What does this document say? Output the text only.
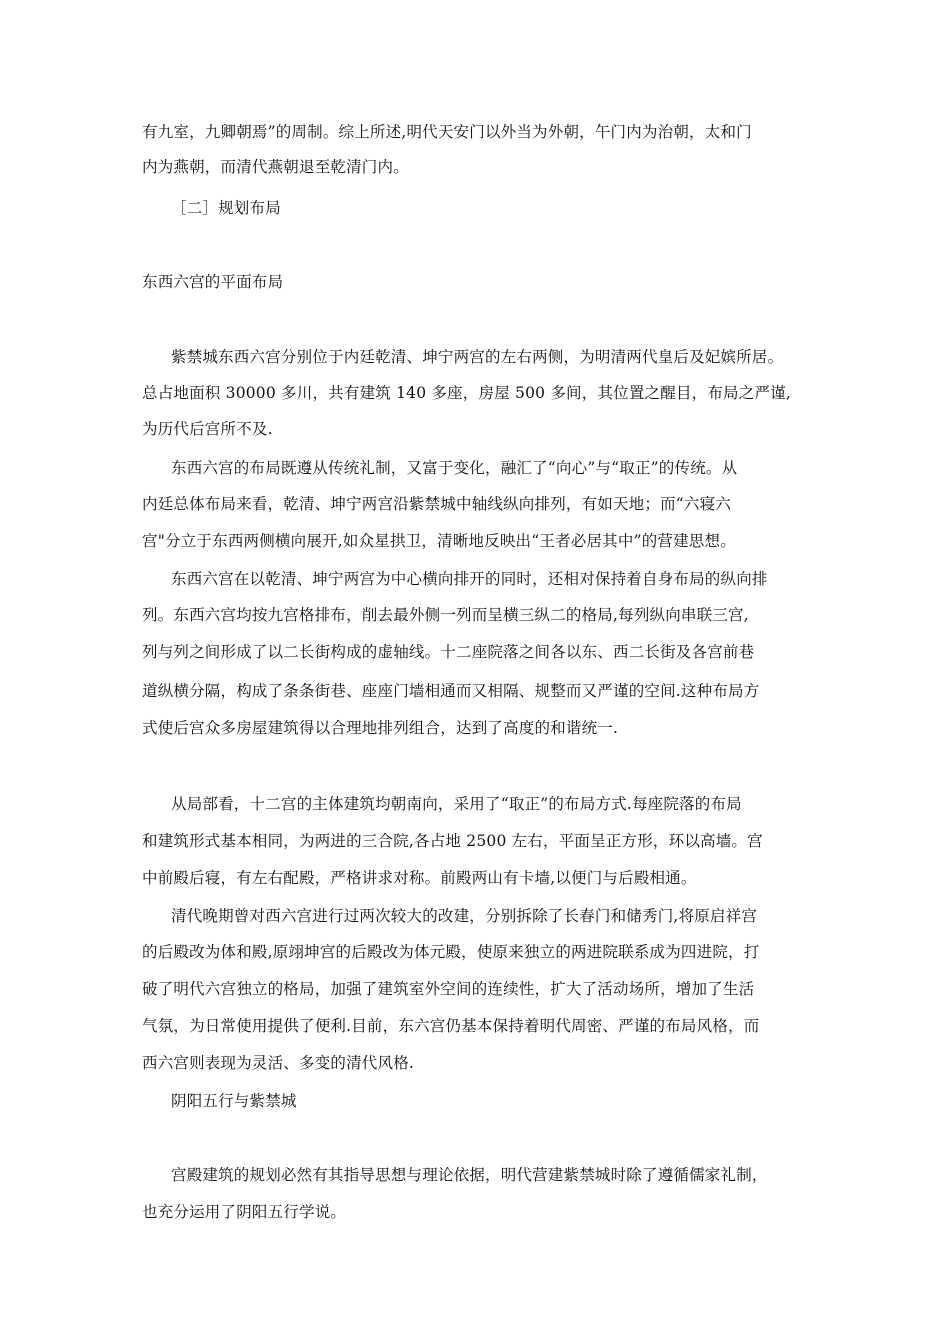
有九室，九卿朝焉”的周制。综上所述,明代天安门以外当为外朝，午门内为治朝，太和门
内为燕朝，而清代燕朝退至乾清门内。
［二］规划布局
东西六宫的平面布局
紫禁城东西六宫分别位于内廷乾清、坤宁两宫的左右两侧，为明清两代皇后及妃嫔所居。
总占地面积 30000 多川，共有建筑 140 多座，房屋 500 多间，其位置之醒目，布局之严谨,
为历代后宫所不及.
东西六宫的布局既遵从传统礼制，又富于变化，融汇了“向心”与“取正”的传统。从
内廷总体布局来看，乾清、坤宁两宫沿紫禁城中轴线纵向排列，有如天地；而“六寝六
宫"分立于东西两侧横向展开,如众星拱卫，清晰地反映出“王者必居其中”的营建思想。
东西六宫在以乾清、坤宁两宫为中心横向排开的同时，还相对保持着自身布局的纵向排
列。东西六宫均按九宫格排布，削去最外侧一列而呈横三纵二的格局,每列纵向串联三宫,
列与列之间形成了以二长街构成的虚轴线。十二座院落之间各以东、西二长街及各宫前巷
道纵横分隔，构成了条条街巷、座座门墙相通而又相隔、规整而又严谨的空间.这种布局方
式使后宫众多房屋建筑得以合理地排列组合，达到了高度的和谐统一.
从局部看，十二宫的主体建筑均朝南向，采用了“取正”的布局方式.每座院落的布局
和建筑形式基本相同，为两进的三合院,各占地 2500 左右，平面呈正方形，环以高墙。宫
中前殿后寝，有左右配殿，严格讲求对称。前殿两山有卡墙,以便门与后殿相通。
清代晚期曾对西六宫进行过两次较大的改建，分别拆除了长春门和储秀门,将原启祥宫
的后殿改为体和殿,原翊坤宫的后殿改为体元殿，使原来独立的两进院联系成为四进院，打
破了明代六宫独立的格局，加强了建筑室外空间的连续性，扩大了活动场所，增加了生活
气氛，为日常使用提供了便利.目前，东六宫仍基本保持着明代周密、严谨的布局风格，而
西六宫则表现为灵活、多变的清代风格.
阴阳五行与紫禁城
宫殿建筑的规划必然有其指导思想与理论依据，明代营建紫禁城时除了遵循儒家礼制，
也充分运用了阴阳五行学说。
